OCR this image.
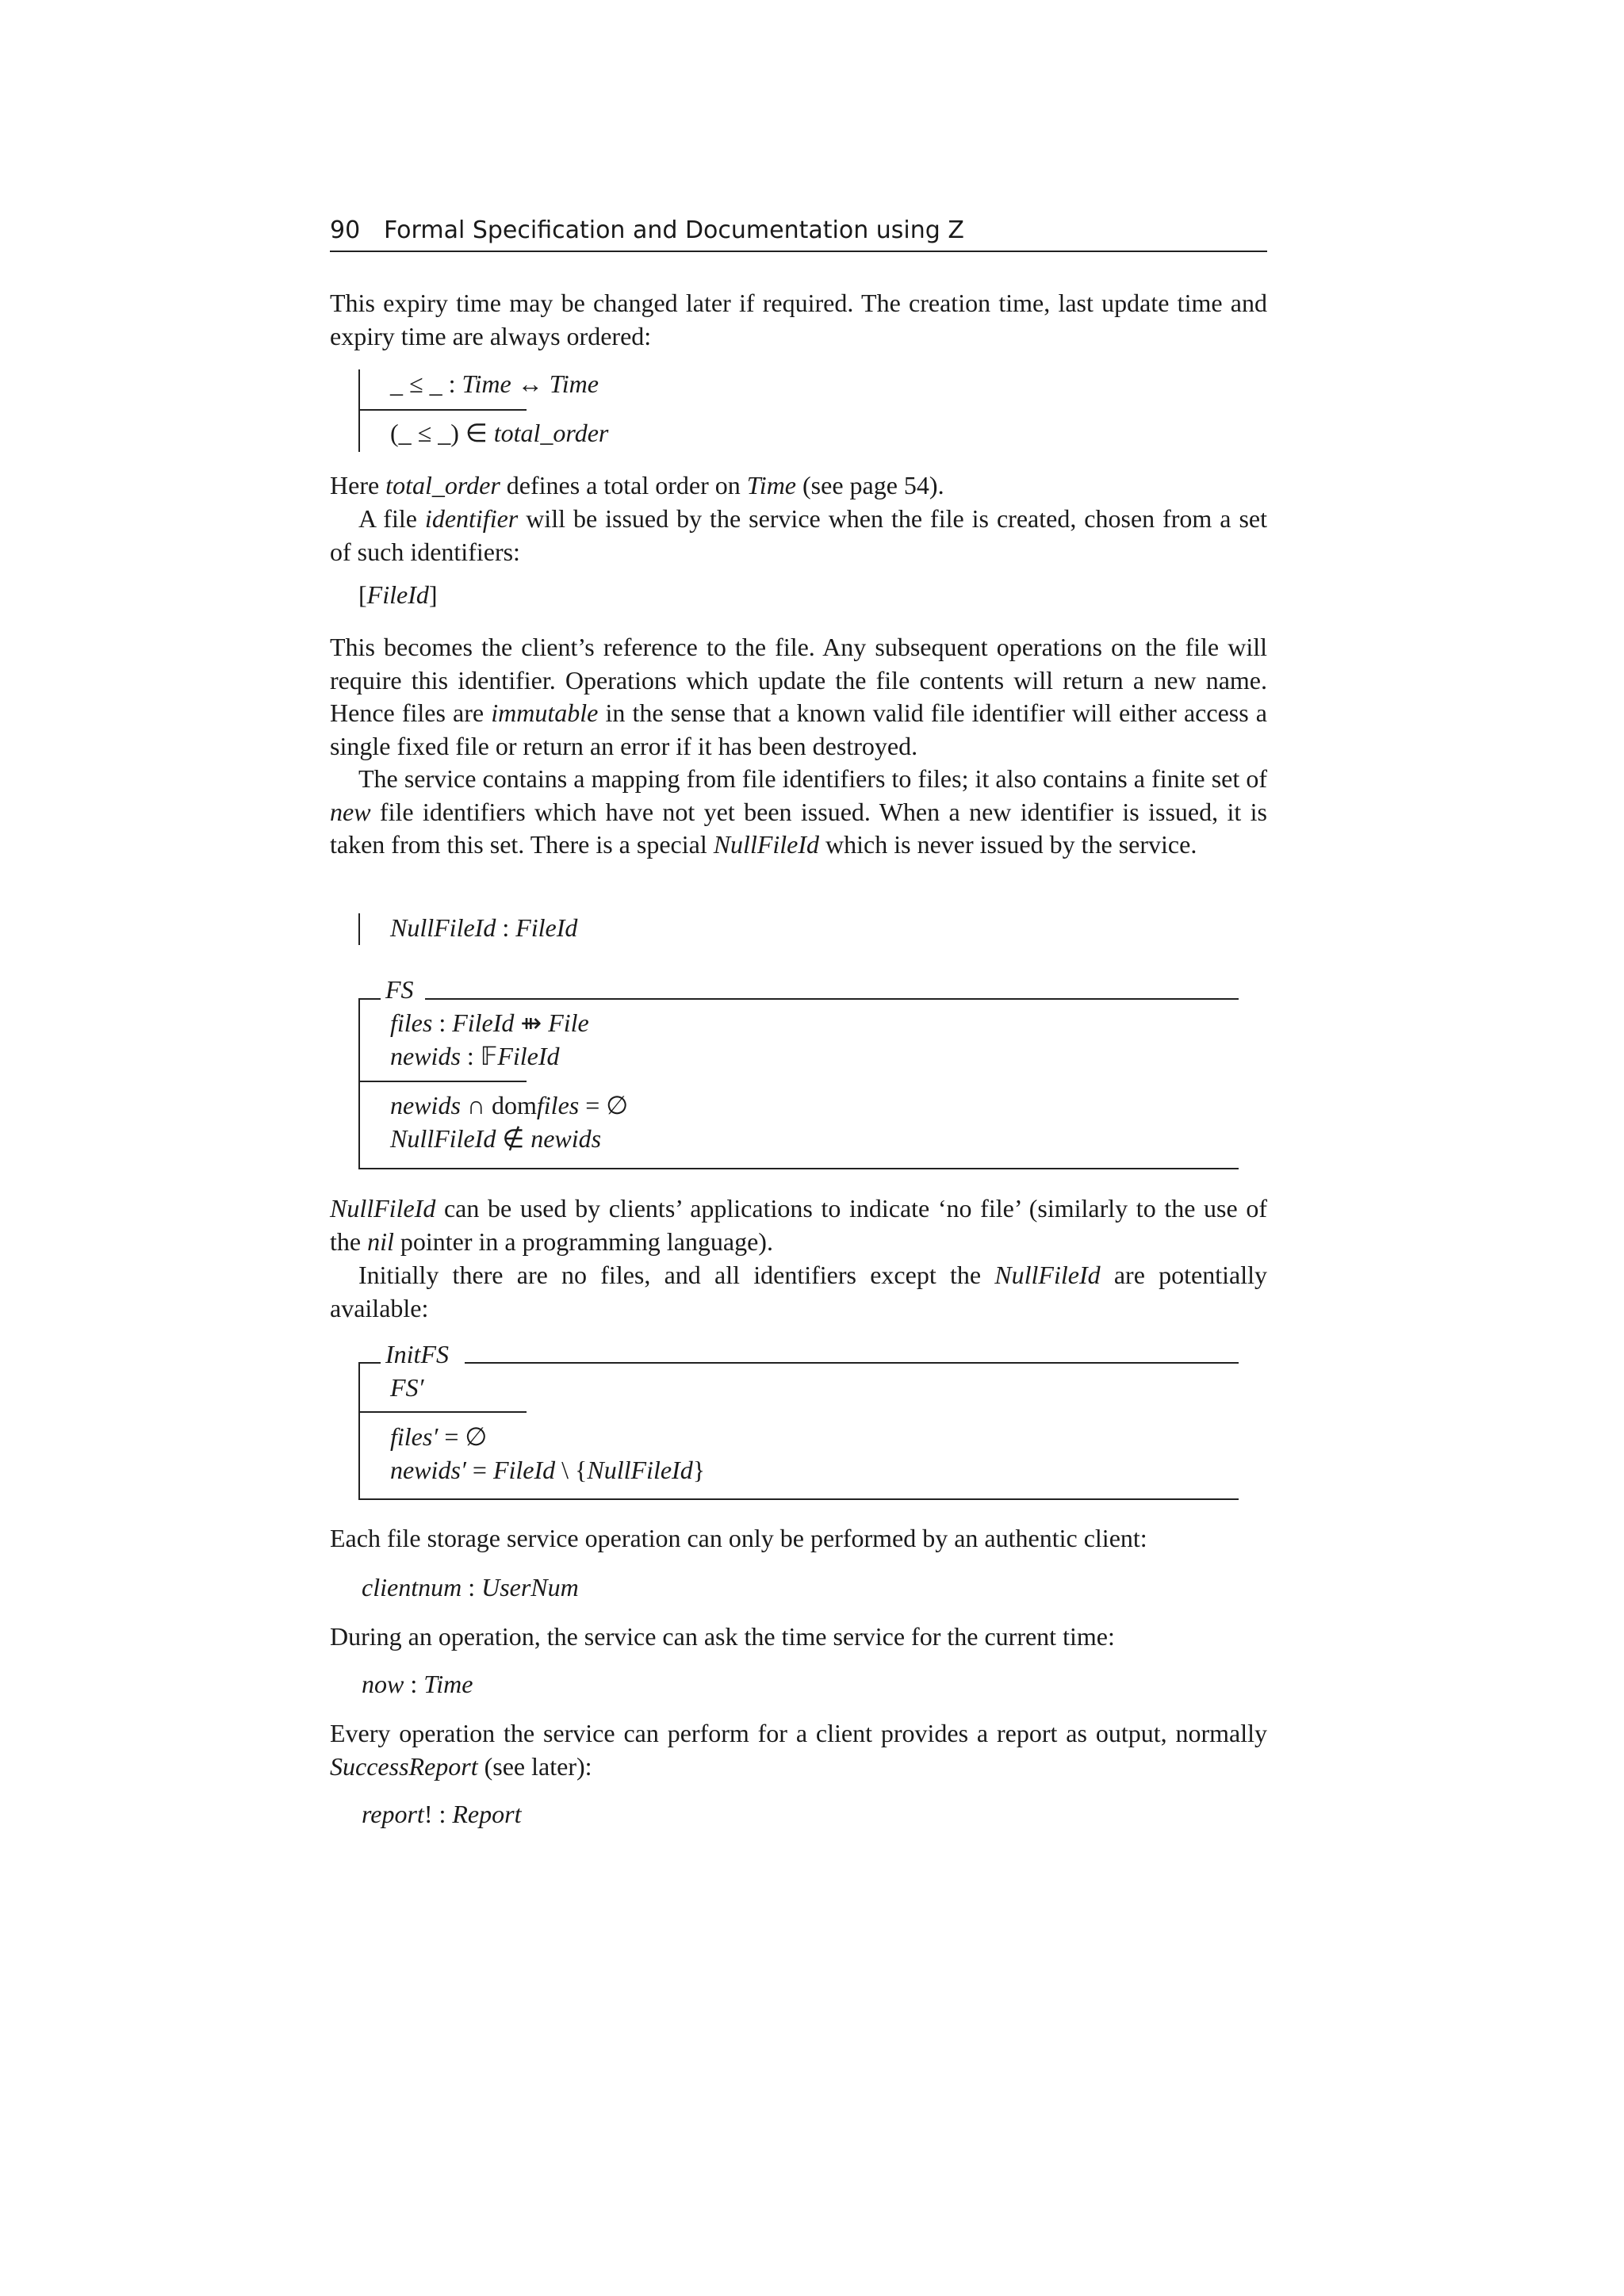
90 Formal Specification and Documentation using Z

This expiry time may be changed later if required. The creation time, last update time and expiry time are always ordered:

_ ≤ _ : Time ↔ Time
(_ ≤ _) ∈ total_order

Here total_order defines a total order on Time (see page 54).

A file identifier will be issued by the service when the file is created, chosen from a set of such identifiers:

[FileId]

This becomes the client’s reference to the file. Any subsequent operations on the file will require this identifier. Operations which update the file contents will return a new name. Hence files are immutable in the sense that a known valid file identifier will either access a single fixed file or return an error if it has been destroyed.

The service contains a mapping from file identifiers to files; it also contains a finite set of new file identifiers which have not yet been issued. When a new identifier is issued, it is taken from this set. There is a special NullFileId which is never issued by the service.

NullFileId : FileId
FS
files : FileId ⇻ File
newids : 𝔽FileId
newids ∩ domfiles = ∅
NullFileId ∉ newids

NullFileId can be used by clients’ applications to indicate ‘no file’ (similarly to the use of the nil pointer in a programming language).

Initially there are no files, and all identifiers except the NullFileId are potentially available:

InitFS
FS′
files′ = ∅
newids′ = FileId \ {NullFileId}

Each file storage service operation can only be performed by an authentic client:

clientnum : UserNum

During an operation, the service can ask the time service for the current time:

now : Time

Every operation the service can perform for a client provides a report as output, normally SuccessReport (see later):

report! : Report
